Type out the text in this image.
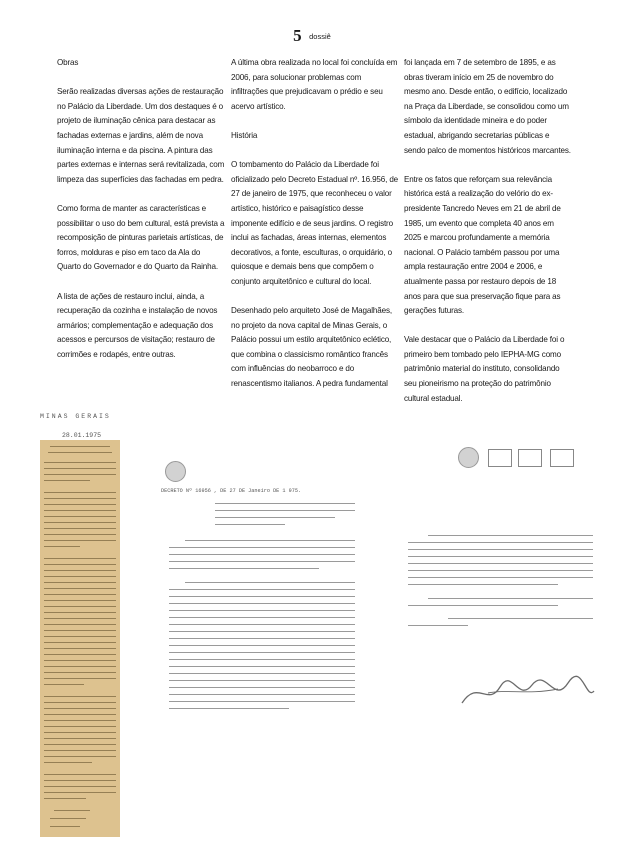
5 dossiê

Obras

Serão realizadas diversas ações de restauração no Palácio da Liberdade. Um dos destaques é o projeto de iluminação cênica para destacar as fachadas externas e jardins, além de nova iluminação interna e da piscina. A pintura das partes externas e internas será revitalizada, com limpeza das superfícies das fachadas em pedra.

Como forma de manter as características e possibilitar o uso do bem cultural, está prevista a recomposição de pinturas parietais artísticas, de forros, molduras e piso em taco da Ala do Quarto do Governador e do Quarto da Rainha.

A lista de ações de restauro inclui, ainda, a recuperação da cozinha e instalação de novos armários; complementação e adequação dos acessos e percursos de visitação; restauro de corrimões e rodapés, entre outras.

A última obra realizada no local foi concluída em 2006, para solucionar problemas com infiltrações que prejudicavam o prédio e seu acervo artístico.

História

O tombamento do Palácio da Liberdade foi oficializado pelo Decreto Estadual nº. 16.956, de 27 de janeiro de 1975, que reconheceu o valor artístico, histórico e paisagístico desse imponente edifício e de seus jardins. O registro inclui as fachadas, áreas internas, elementos decorativos, a fonte, esculturas, o orquidário, o quiosque e demais bens que compõem o conjunto arquitetônico e cultural do local.

Desenhado pelo arquiteto José de Magalhães, no projeto da nova capital de Minas Gerais, o Palácio possui um estilo arquitetônico eclético, que combina o classicismo romântico francês com influências do neobarroco e do renascentismo italianos. A pedra fundamental

foi lançada em 7 de setembro de 1895, e as obras tiveram início em 25 de novembro do mesmo ano. Desde então, o edifício, localizado na Praça da Liberdade, se consolidou como um símbolo da identidade mineira e do poder estadual, abrigando secretarias públicas e sendo palco de momentos históricos marcantes.

Entre os fatos que reforçam sua relevância histórica está a realização do velório do ex-presidente Tancredo Neves em 21 de abril de 1985, um evento que completa 40 anos em 2025 e marcou profundamente a memória nacional. O Palácio também passou por uma ampla restauração entre 2004 e 2006, e atualmente passa por restauro depois de 18 anos para que sua preservação fique para as gerações futuras.

Vale destacar que o Palácio da Liberdade foi o primeiro bem tombado pelo IEPHA-MG como patrimônio material do instituto, consolidando seu pioneirismo na proteção do patrimônio cultural estadual.

MINAS GERAIS
28.01.1975
DECRETO Nº 16956 , DE 27 DE Janeiro DE 1 975.
